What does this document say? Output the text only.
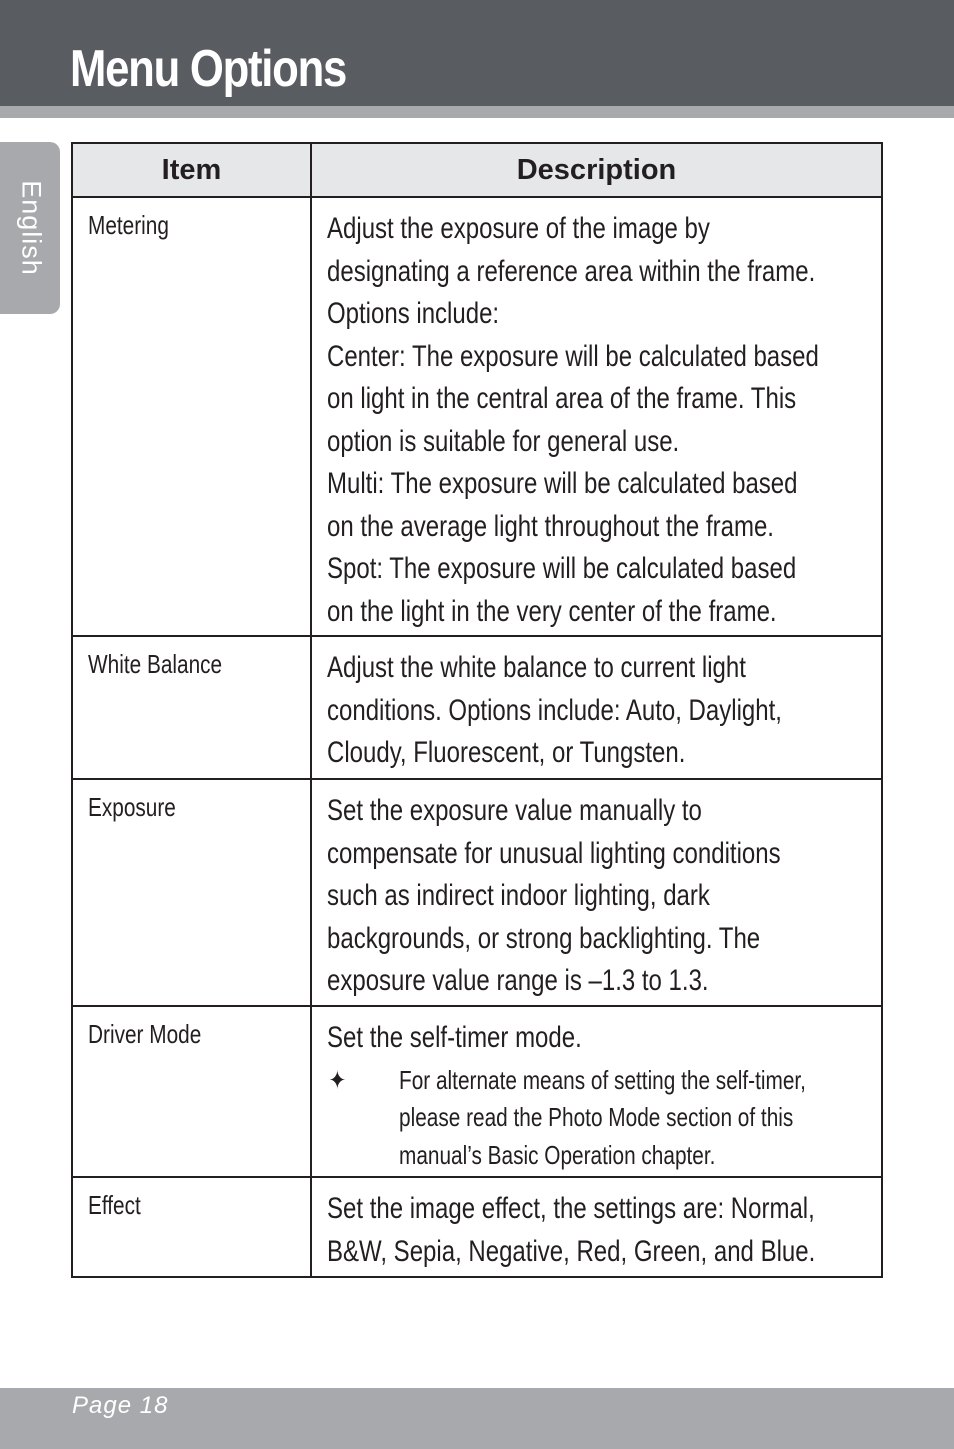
Menu Options
English
Item	Description
Metering	Adjust the exposure of the image by designating a reference area within the frame. Options include:

Center: The exposure will be calculated based on light in the central area of the frame. This option is suitable for general use.

Multi: The exposure will be calculated based on the average light throughout the frame.

Spot: The exposure will be calculated based on the light in the very center of the frame.

White Balance	Adjust the white balance to current light conditions. Options include: Auto, Daylight, Cloudy, Fluorescent, or Tungsten.

Exposure	Set the exposure value manually to compensate for unusual lighting conditions such as indirect indoor lighting, dark backgrounds, or strong backlighting. The exposure value range is –1.3 to 1.3.

Driver Mode	Set the self-timer mode.

✦ For alternate means of setting the self-timer, please read the Photo Mode section of this manual’s Basic Operation chapter.

Effect	Set the image effect, the settings are: Normal, B&W, Sepia, Negative, Red, Green, and Blue.

Page 18
